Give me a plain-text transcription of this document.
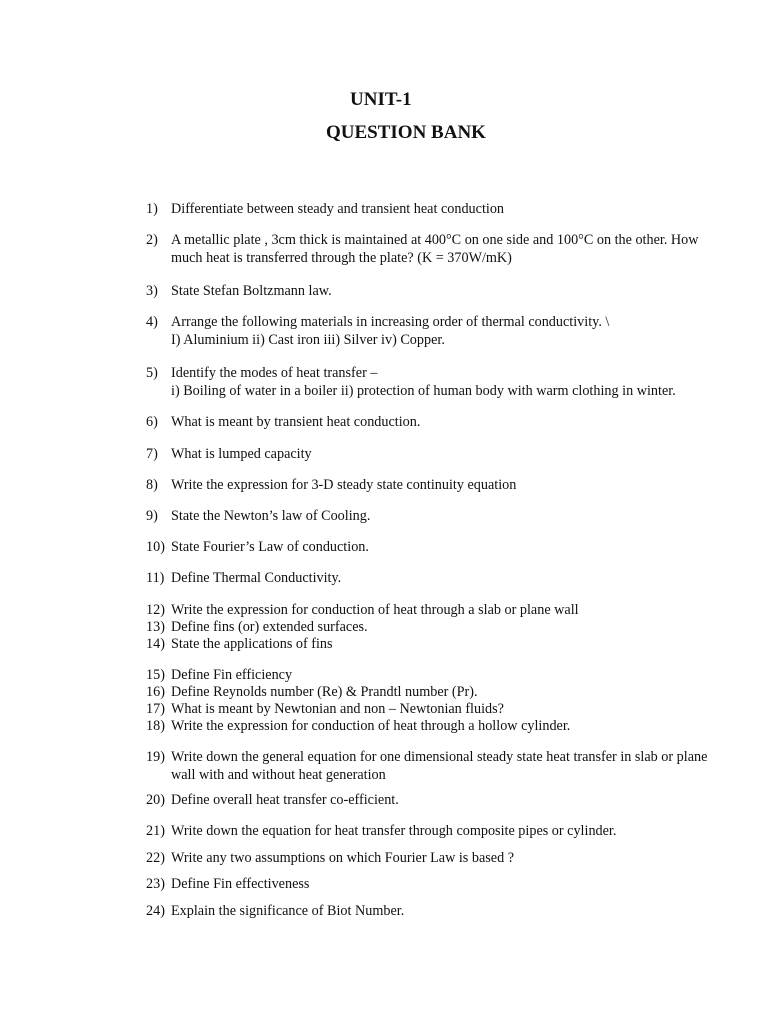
UNIT-1
QUESTION BANK
1) Differentiate between steady and transient heat conduction
2) A metallic plate , 3cm thick is maintained at 400°C on one side and 100°C on the other. How
much heat is transferred through the plate? (K = 370W/mK)
3) State Stefan Boltzmann law.
4) Arrange the following materials in increasing order of thermal conductivity. \
I) Aluminium ii) Cast iron iii) Silver iv) Copper.
5) Identify the modes of heat transfer –
i) Boiling of water in a boiler ii) protection of human body with warm clothing in winter.
6) What is meant by transient heat conduction.
7) What is lumped capacity
8) Write the expression for 3-D steady state continuity equation
9) State the Newton’s law of Cooling.
10) State Fourier’s Law of conduction.
11) Define Thermal Conductivity.
12) Write the expression for conduction of heat through a slab or plane wall
13) Define fins (or) extended surfaces.
14) State the applications of fins
15) Define Fin efficiency
16) Define Reynolds number (Re) & Prandtl number (Pr).
17) What is meant by Newtonian and non – Newtonian fluids?
18) Write the expression for conduction of heat through a hollow cylinder.
19) Write down the general equation for one dimensional steady state heat transfer in slab or plane
wall with and without heat generation
20) Define overall heat transfer co-efficient.
21) Write down the equation for heat transfer through composite pipes or cylinder.
22) Write any two assumptions on which Fourier Law is based ?
23) Define Fin effectiveness
24) Explain the significance of Biot Number.
